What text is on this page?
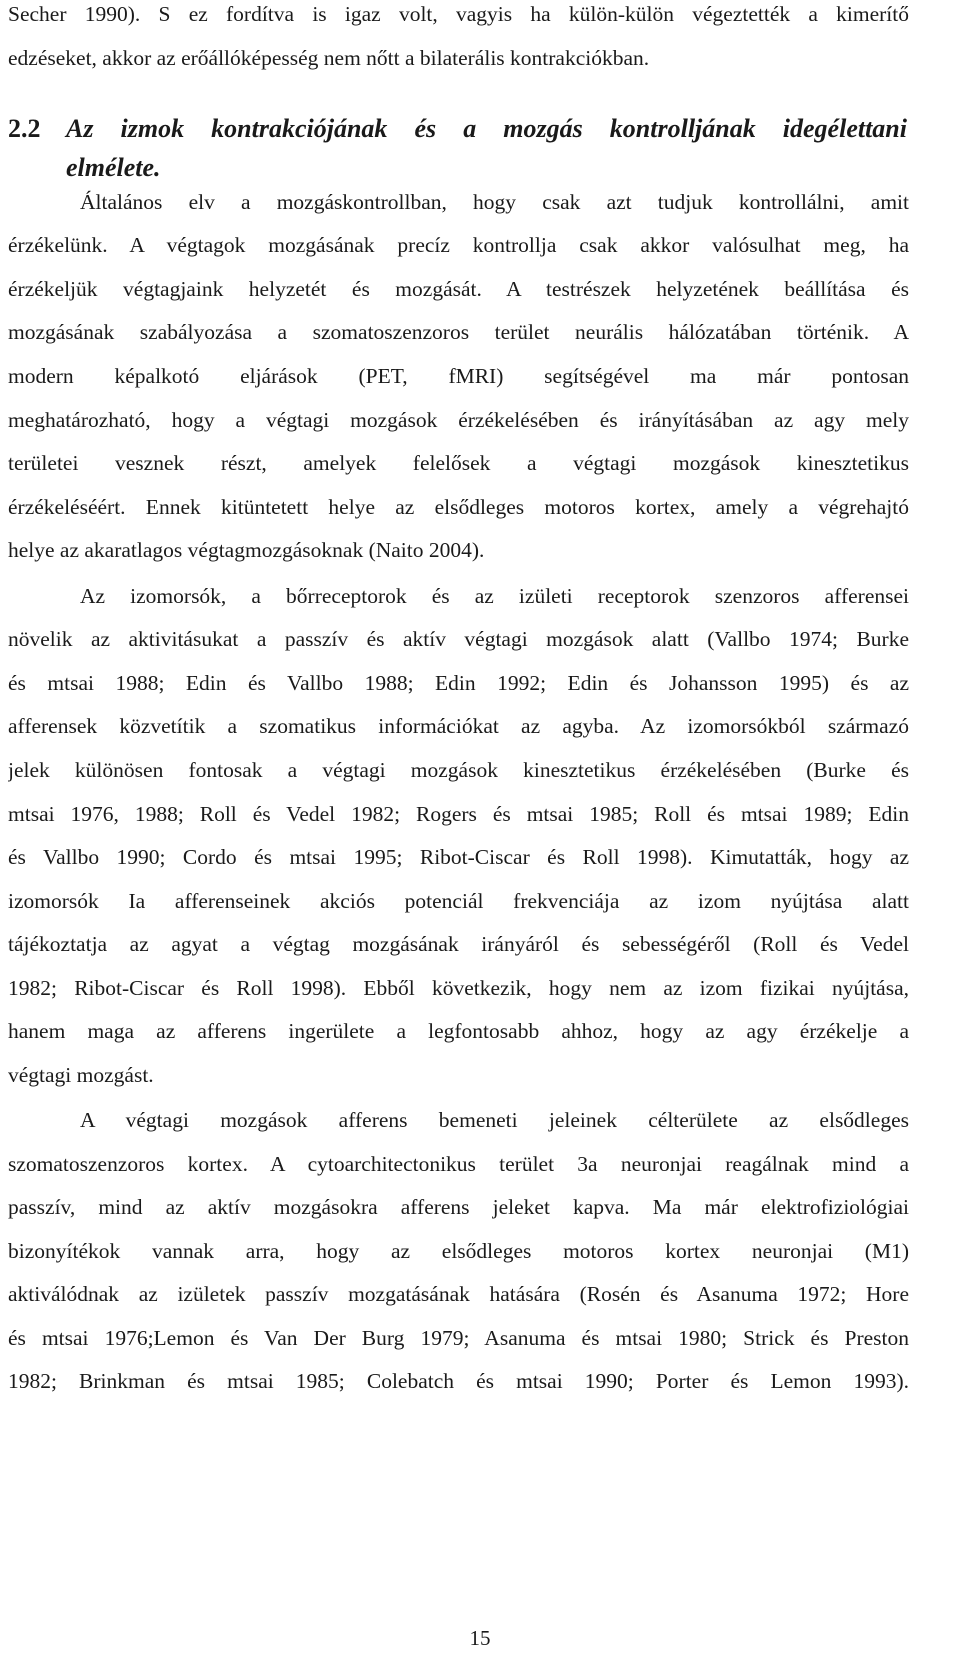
Secher 1990). S ez fordítva is igaz volt, vagyis ha külön-külön végeztették a kimerítő
edzéseket, akkor az erőállóképesség nem nőtt a bilaterális kontrakciókban.
2.2 Az izmok kontrakciójának és a mozgás kontrolljának idegélettani
elmélete.
Általános elv a mozgáskontrollban, hogy csak azt tudjuk kontrollálni, amit
érzékelünk. A végtagok mozgásának precíz kontrollja csak akkor valósulhat meg, ha
érzékeljük végtagjaink helyzetét és mozgását. A testrészek helyzetének beállítása és
mozgásának szabályozása a szomatoszenzoros terület neurális hálózatában történik. A
modern képalkotó eljárások (PET, fMRI) segítségével ma már pontosan
meghatározható, hogy a végtagi mozgások érzékelésében és irányításában az agy mely
területei vesznek részt, amelyek felelősek a végtagi mozgások kinesztetikus
érzékeléséért. Ennek kitüntetett helye az elsődleges motoros kortex, amely a végrehajtó
helye az akaratlagos végtagmozgásoknak (Naito 2004).
Az izomorsók, a bőrreceptorok és az izületi receptorok szenzoros afferensei
növelik az aktivitásukat a passzív és aktív végtagi mozgások alatt (Vallbo 1974; Burke
és mtsai 1988; Edin és Vallbo 1988; Edin 1992; Edin és Johansson 1995) és az
afferensek közvetítik a szomatikus információkat az agyba. Az izomorsókból származó
jelek különösen fontosak a végtagi mozgások kinesztetikus érzékelésében (Burke és
mtsai 1976, 1988; Roll és Vedel 1982; Rogers és mtsai 1985; Roll és mtsai 1989; Edin
és Vallbo 1990; Cordo és mtsai 1995; Ribot-Ciscar és Roll 1998). Kimutatták, hogy az
izomorsók Ia afferenseinek akciós potenciál frekvenciája az izom nyújtása alatt
tájékoztatja az agyat a végtag mozgásának irányáról és sebességéről (Roll és Vedel
1982; Ribot-Ciscar és Roll 1998). Ebből következik, hogy nem az izom fizikai nyújtása,
hanem maga az afferens ingerülete a legfontosabb ahhoz, hogy az agy érzékelje a
végtagi mozgást.
A végtagi mozgások afferens bemeneti jeleinek célterülete az elsődleges
szomatoszenzoros kortex. A cytoarchitectonikus terület 3a neuronjai reagálnak mind a
passzív, mind az aktív mozgásokra afferens jeleket kapva. Ma már elektrofiziológiai
bizonyítékok vannak arra, hogy az elsődleges motoros kortex neuronjai (M1)
aktiválódnak az izületek passzív mozgatásának hatására (Rosén és Asanuma 1972; Hore
és mtsai 1976;Lemon és Van Der Burg 1979; Asanuma és mtsai 1980; Strick és Preston
1982; Brinkman és mtsai 1985; Colebatch és mtsai 1990; Porter és Lemon 1993).
15
